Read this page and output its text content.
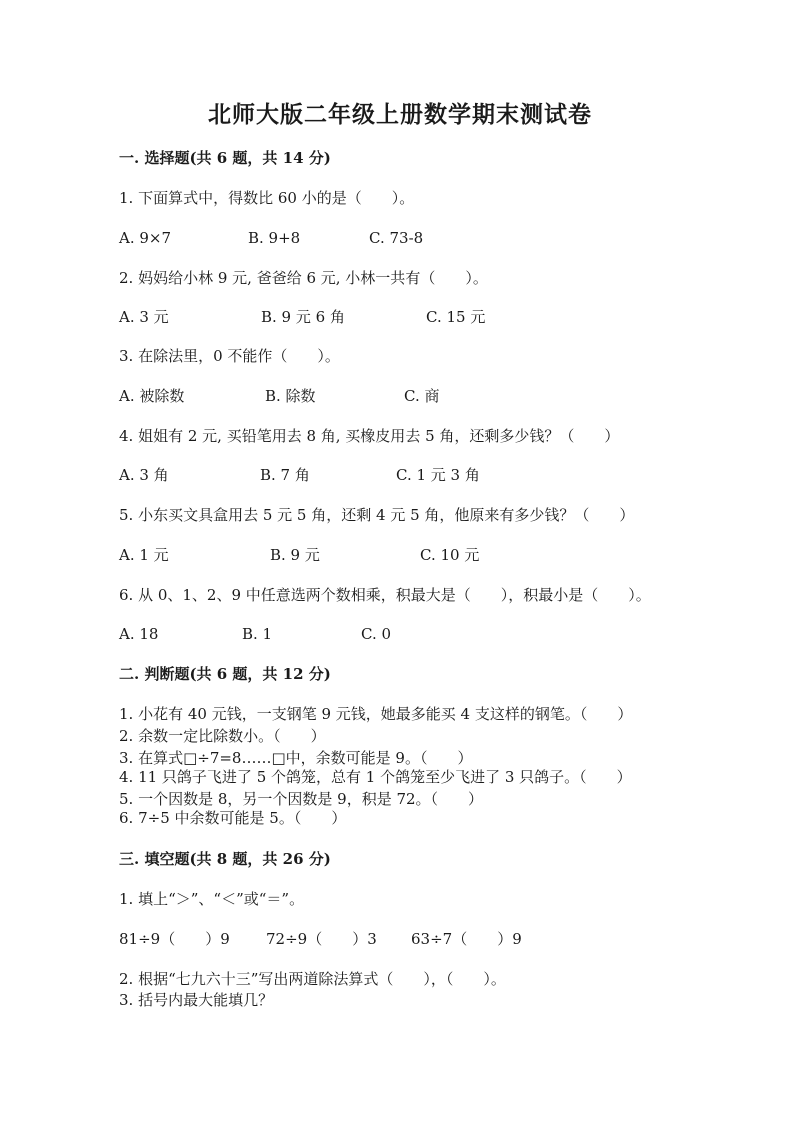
北师大版二年级上册数学期末测试卷
一. 选择题(共 6 题，共 14 分)
1. 下面算式中，得数比 60 小的是（　　）。
A. 9×7	B. 9+8	C. 73-8
2. 妈妈给小林 9 元, 爸爸给 6 元, 小林一共有（　　）。
A. 3 元	B. 9 元 6 角	C. 15 元
3. 在除法里，0 不能作（　　）。
A. 被除数	B. 除数	C. 商
4. 姐姐有 2 元, 买铅笔用去 8 角, 买橡皮用去 5 角，还剩多少钱？（　　）
A. 3 角	B. 7 角	C. 1 元 3 角
5. 小东买文具盒用去 5 元 5 角，还剩 4 元 5 角，他原来有多少钱？（　　）
A. 1 元	B. 9 元	C. 10 元
6. 从 0、1、2、9 中任意选两个数相乘，积最大是（　　），积最小是（　　）。
A. 18	B. 1	C. 0
二. 判断题(共 6 题，共 12 分)
1. 小花有 40 元钱，一支钢笔 9 元钱，她最多能买 4 支这样的钢笔。（　　）
2. 余数一定比除数小。（　　）
3. 在算式□÷7=8……□中，余数可能是 9。（　　）
4. 11 只鸽子飞进了 5 个鸽笼，总有 1 个鸽笼至少飞进了 3 只鸽子。（　　）
5. 一个因数是 8，另一个因数是 9，积是 72。（　　）
6. 7÷5 中余数可能是 5。（　　）
三. 填空题(共 8 题，共 26 分)
1. 填上“＞”、“＜”或“＝”。
81÷9（　　）9 72÷9（　　）3 63÷7（　　）9
2. 根据“七九六十三”写出两道除法算式（　　），（　　）。
3. 括号内最大能填几？
